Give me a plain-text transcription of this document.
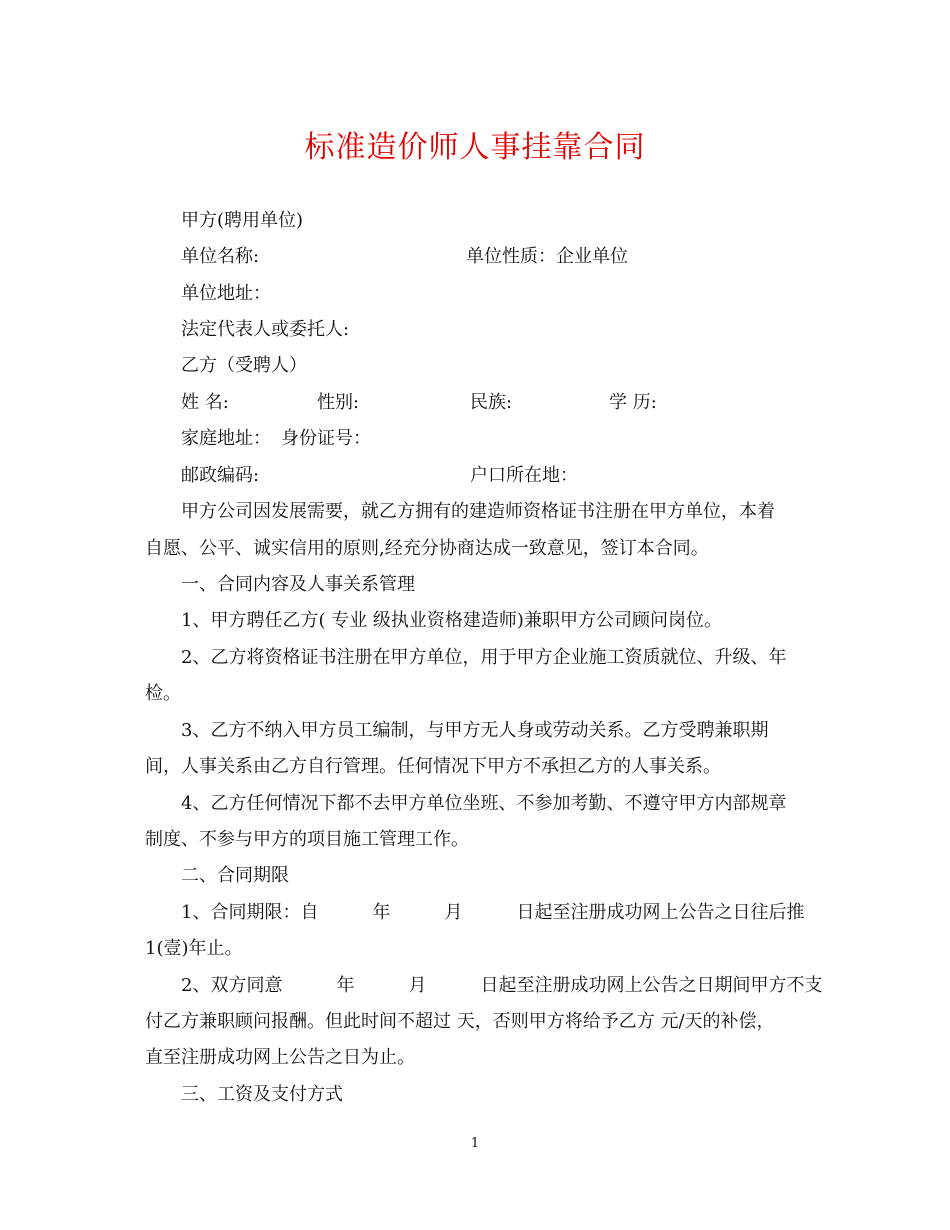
标准造价师人事挂靠合同
甲方(聘用单位)
单位名称:	单位性质：企业单位
单位地址：
法定代表人或委托人:
乙方（受聘人）
姓 名:	性别:	民族:	学 历:
家庭地址： 身份证号：
邮政编码:	户口所在地：
甲方公司因发展需要，就乙方拥有的建造师资格证书注册在甲方单位，本着
自愿、公平、诚实信用的原则,经充分协商达成一致意见，签订本合同。
一、合同内容及人事关系管理
1、甲方聘任乙方( 专业 级执业资格建造师)兼职甲方公司顾问岗位。
2、乙方将资格证书注册在甲方单位，用于甲方企业施工资质就位、升级、年
检。
3、乙方不纳入甲方员工编制，与甲方无人身或劳动关系。乙方受聘兼职期
间，人事关系由乙方自行管理。任何情况下甲方不承担乙方的人事关系。
4、乙方任何情况下都不去甲方单位坐班、不参加考勤、不遵守甲方内部规章
制度、不参与甲方的项目施工管理工作。
二、合同期限
1、合同期限：自　　　年　　　月　　　日起至注册成功网上公告之日往后推
1(壹)年止。
2、双方同意　　　年　　　月　　　日起至注册成功网上公告之日期间甲方不支
付乙方兼职顾问报酬。但此时间不超过 天，否则甲方将给予乙方 元/天的补偿，
直至注册成功网上公告之日为止。
三、工资及支付方式
1
